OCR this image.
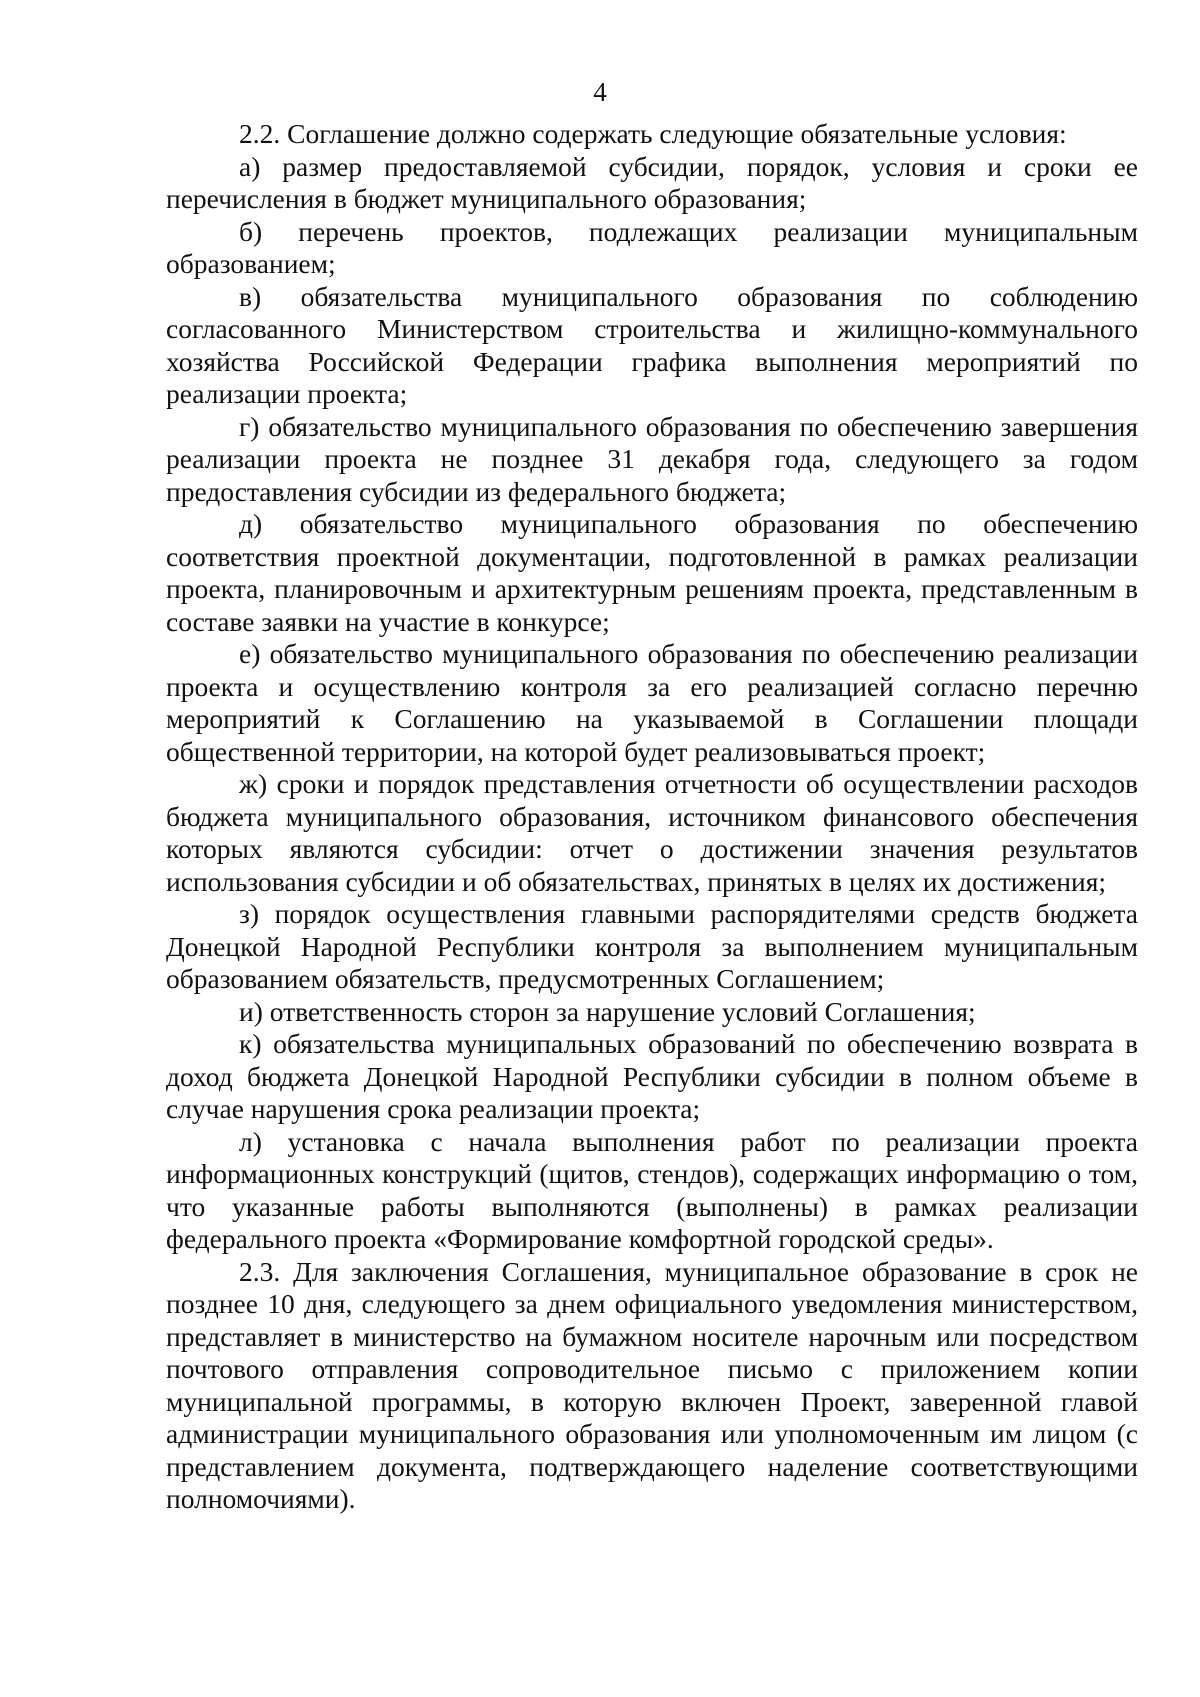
4

2.2. Соглашение должно содержать следующие обязательные условия:

а) размер предоставляемой субсидии, порядок, условия и сроки ее перечисления в бюджет муниципального образования;

б) перечень проектов, подлежащих реализации муниципальным образованием;

в) обязательства муниципального образования по соблюдению согласованного Министерством строительства и жилищно-коммунального хозяйства Российской Федерации графика выполнения мероприятий по реализации проекта;

г) обязательство муниципального образования по обеспечению завершения реализации проекта не позднее 31 декабря года, следующего за годом предоставления субсидии из федерального бюджета;

д) обязательство муниципального образования по обеспечению соответствия проектной документации, подготовленной в рамках реализации проекта, планировочным и архитектурным решениям проекта, представленным в составе заявки на участие в конкурсе;

е) обязательство муниципального образования по обеспечению реализации проекта и осуществлению контроля за его реализацией согласно перечню мероприятий к Соглашению на указываемой в Соглашении площади общественной территории, на которой будет реализовываться проект;

ж) сроки и порядок представления отчетности об осуществлении расходов бюджета муниципального образования, источником финансового обеспечения которых являются субсидии: отчет о достижении значения результатов использования субсидии и об обязательствах, принятых в целях их достижения;

з) порядок осуществления главными распорядителями средств бюджета Донецкой Народной Республики контроля за выполнением муниципальным образованием обязательств, предусмотренных Соглашением;

и) ответственность сторон за нарушение условий Соглашения;

к) обязательства муниципальных образований по обеспечению возврата в доход бюджета Донецкой Народной Республики субсидии в полном объеме в случае нарушения срока реализации проекта;

л) установка с начала выполнения работ по реализации проекта информационных конструкций (щитов, стендов), содержащих информацию о том, что указанные работы выполняются (выполнены) в рамках реализации федерального проекта «Формирование комфортной городской среды».

2.3. Для заключения Соглашения, муниципальное образование в срок не позднее 10 дня, следующего за днем официального уведомления министерством, представляет в министерство на бумажном носителе нарочным или посредством почтового отправления сопроводительное письмо с приложением копии муниципальной программы, в которую включен Проект, заверенной главой администрации муниципального образования или уполномоченным им лицом (с представлением документа, подтверждающего наделение соответствующими полномочиями).
